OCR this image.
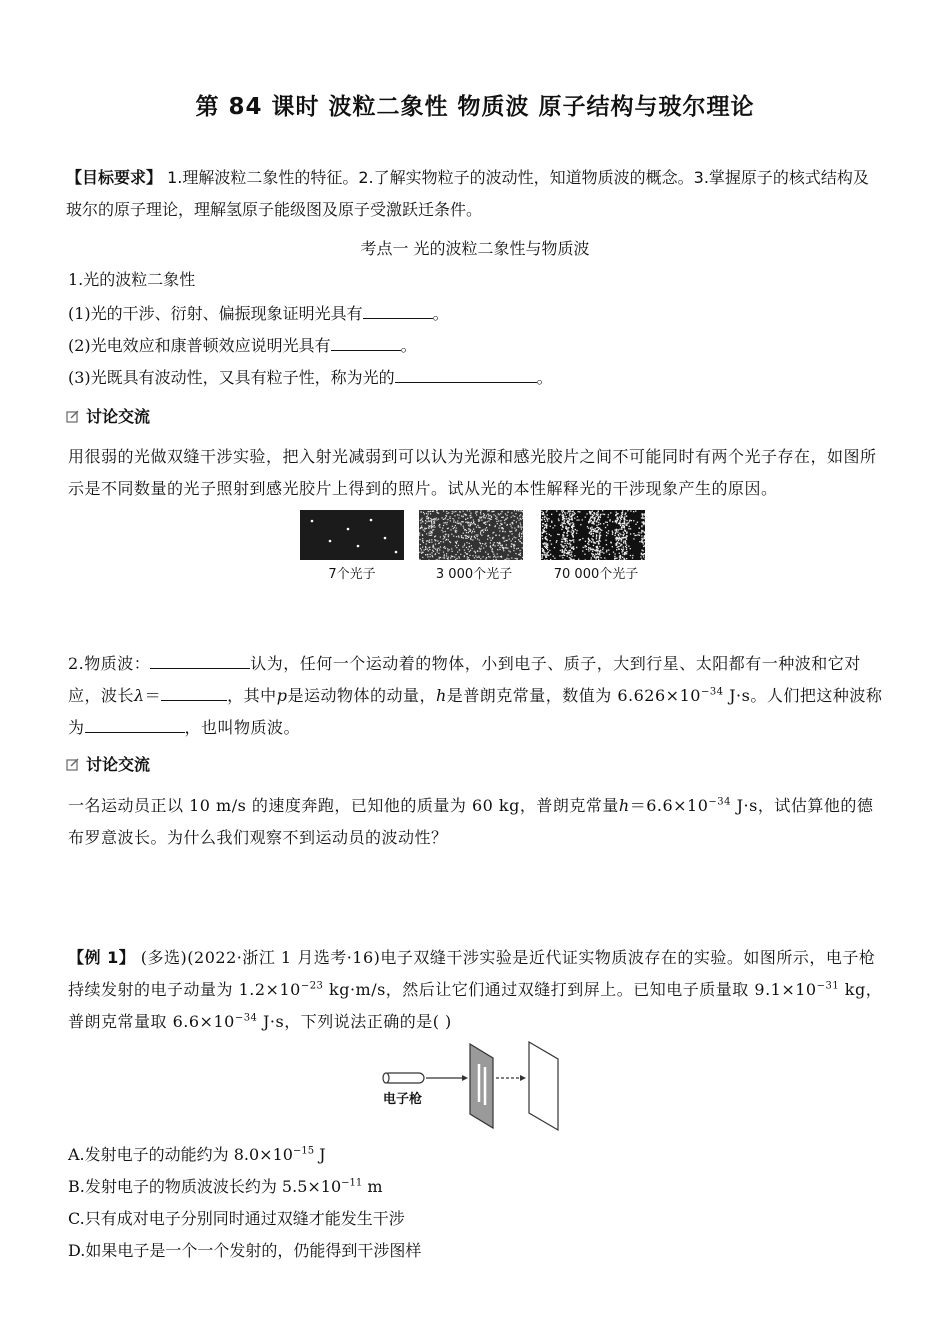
第 84 课时 波粒二象性 物质波 原子结构与玻尔理论
【目标要求】 1.理解波粒二象性的特征。2.了解实物粒子的波动性，知道物质波的概念。3.掌握原子的核式结构及玻尔的原子理论，理解氢原子能级图及原子受激跃迁条件。
考点一 光的波粒二象性与物质波
1.光的波粒二象性
(1)光的干涉、衍射、偏振现象证明光具有	。
(2)光电效应和康普顿效应说明光具有	。
(3)光既具有波动性，又具有粒子性，称为光的	。
讨论交流
用很弱的光做双缝干涉实验，把入射光减弱到可以认为光源和感光胶片之间不可能同时有两个光子存在，如图所示是不同数量的光子照射到感光胶片上得到的照片。试从光的本性解释光的干涉现象产生的原因。
7个光子	3 000个光子	70 000个光子
2.物质波：	认为，任何一个运动着的物体，小到电子、质子，大到行星、太阳都有一种波和它对应，波长λ＝	，其中p是运动物体的动量，h是普朗克常量，数值为 $6.626\times 10^{-34}$ J·s。人们把这种波称为	，也叫物质波。
讨论交流
一名运动员正以 10 m/s 的速度奔跑，已知他的质量为 60 kg，普朗克常量$h=6.6\times 10^{-34}$ J·s，试估算他的德布罗意波长。为什么我们观察不到运动员的波动性？
【例 1】 (多选)(2022·浙江 1 月选考·16)电子双缝干涉实验是近代证实物质波存在的实验。如图所示，电子枪持续发射的电子动量为 $1.2\times 10^{-23}$ kg·m/s，然后让它们通过双缝打到屏上。已知电子质量取 $9.1\times 10^{-31}$ kg，普朗克常量取 $6.6\times 10^{-34}$ J·s，下列说法正确的是( )
电子枪
A.发射电子的动能约为 $8.0\times 10^{-15}$ J
B.发射电子的物质波波长约为 $5.5\times 10^{-11}$ m
C.只有成对电子分别同时通过双缝才能发生干涉
D.如果电子是一个一个发射的，仍能得到干涉图样
